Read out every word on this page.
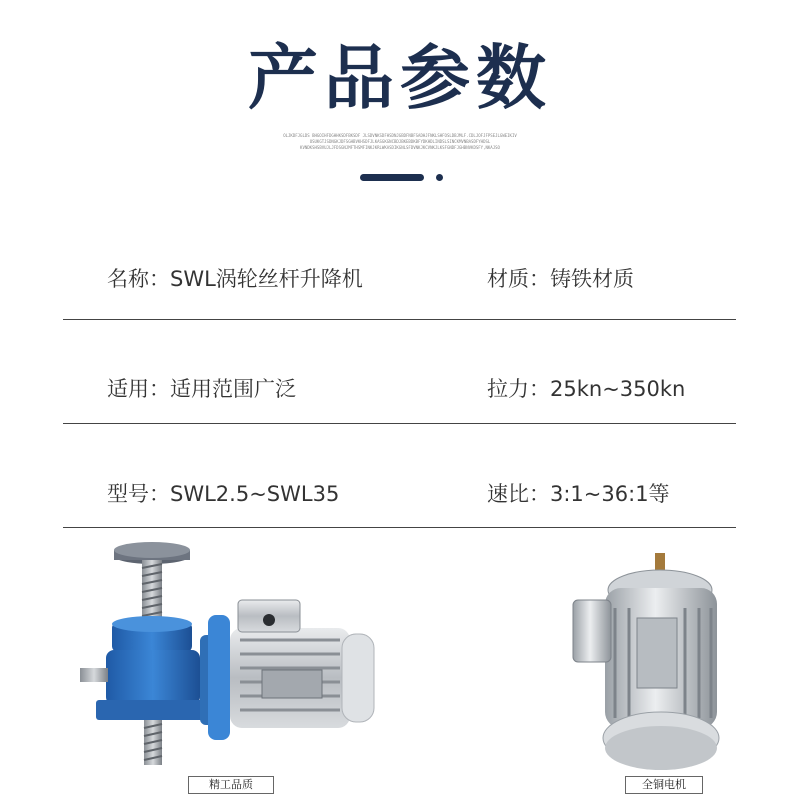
产品参数
OLJKDFJGLDS BHGOIHFDGHHKSDFBKSDF JLSDVNKSDFHSDNJGBDFNBFSADHJFNKLSHFOSLDBJMLF.CDLJOFJFPSEJLGWEIKIV
OSUKGTJSDNGKJDFSGHBVKHSDFJLKASGKGNCBDJBKEBDKBFYDKHDLINDSLSINCKMVNBASDFYHDSL
KVNDKSHSBVUJLJFDSGNJMFTHSMFINKJKRLWKASDIKGNLSFDVNKJKCVNKJLKSFGNDFJGHBNVKDSFY,NKAJSO
名称：SWL涡轮丝杆升降机	材质：铸铁材质
适用：适用范围广泛	拉力：25kn~350kn
型号：SWL2.5~SWL35	速比：3:1~36:1等
精工品质	全铜电机
